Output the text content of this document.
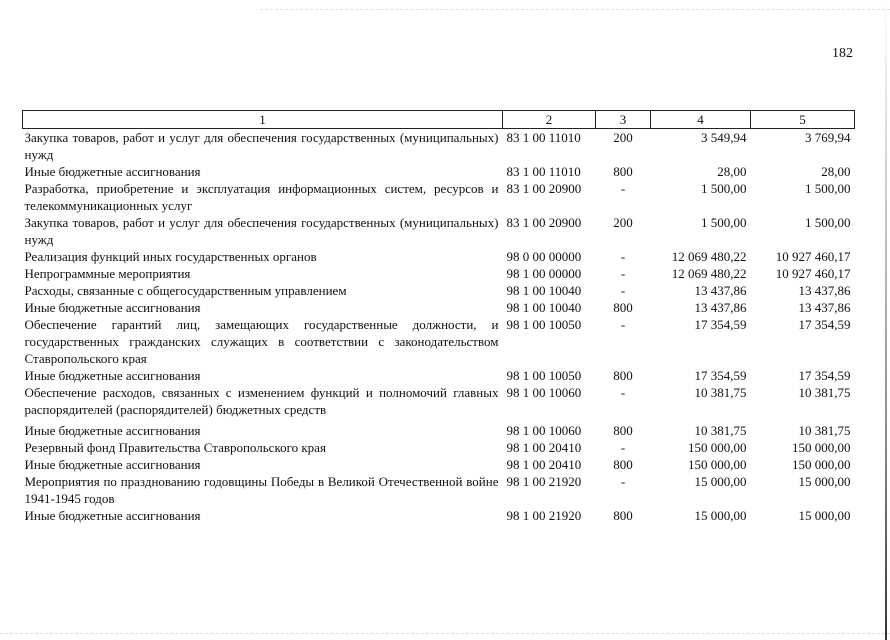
182
1	2	3	4	5
Закупка товаров, работ и услуг для обеспечения государственных (муниципальных) нужд	83 1 00 11010	200	3 549,94	3 769,94
Иные бюджетные ассигнования	83 1 00 11010	800	28,00	28,00
Разработка, приобретение и эксплуатация информационных систем, ресурсов и телекоммуникационных услуг	83 1 00 20900	-	1 500,00	1 500,00
Закупка товаров, работ и услуг для обеспечения государственных (муниципальных) нужд	83 1 00 20900	200	1 500,00	1 500,00
Реализация функций иных государственных органов	98 0 00 00000	-	12 069 480,22	10 927 460,17
Непрограммные мероприятия	98 1 00 00000	-	12 069 480,22	10 927 460,17
Расходы, связанные с общегосударственным управлением	98 1 00 10040	-	13 437,86	13 437,86
Иные бюджетные ассигнования	98 1 00 10040	800	13 437,86	13 437,86
Обеспечение гарантий лиц, замещающих государственные должности, и государственных гражданских служащих в соответствии с законодательством Ставропольского края	98 1 00 10050	-	17 354,59	17 354,59
Иные бюджетные ассигнования	98 1 00 10050	800	17 354,59	17 354,59
Обеспечение расходов, связанных с изменением функций и полномочий главных распорядителей (распорядителей) бюджетных средств	98 1 00 10060	-	10 381,75	10 381,75
Иные бюджетные ассигнования	98 1 00 10060	800	10 381,75	10 381,75
Резервный фонд Правительства Ставропольского края	98 1 00 20410	-	150 000,00	150 000,00
Иные бюджетные ассигнования	98 1 00 20410	800	150 000,00	150 000,00
Мероприятия по празднованию годовщины Победы в Великой Отечественной войне 1941-1945 годов	98 1 00 21920	-	15 000,00	15 000,00
Иные бюджетные ассигнования	98 1 00 21920	800	15 000,00	15 000,00
